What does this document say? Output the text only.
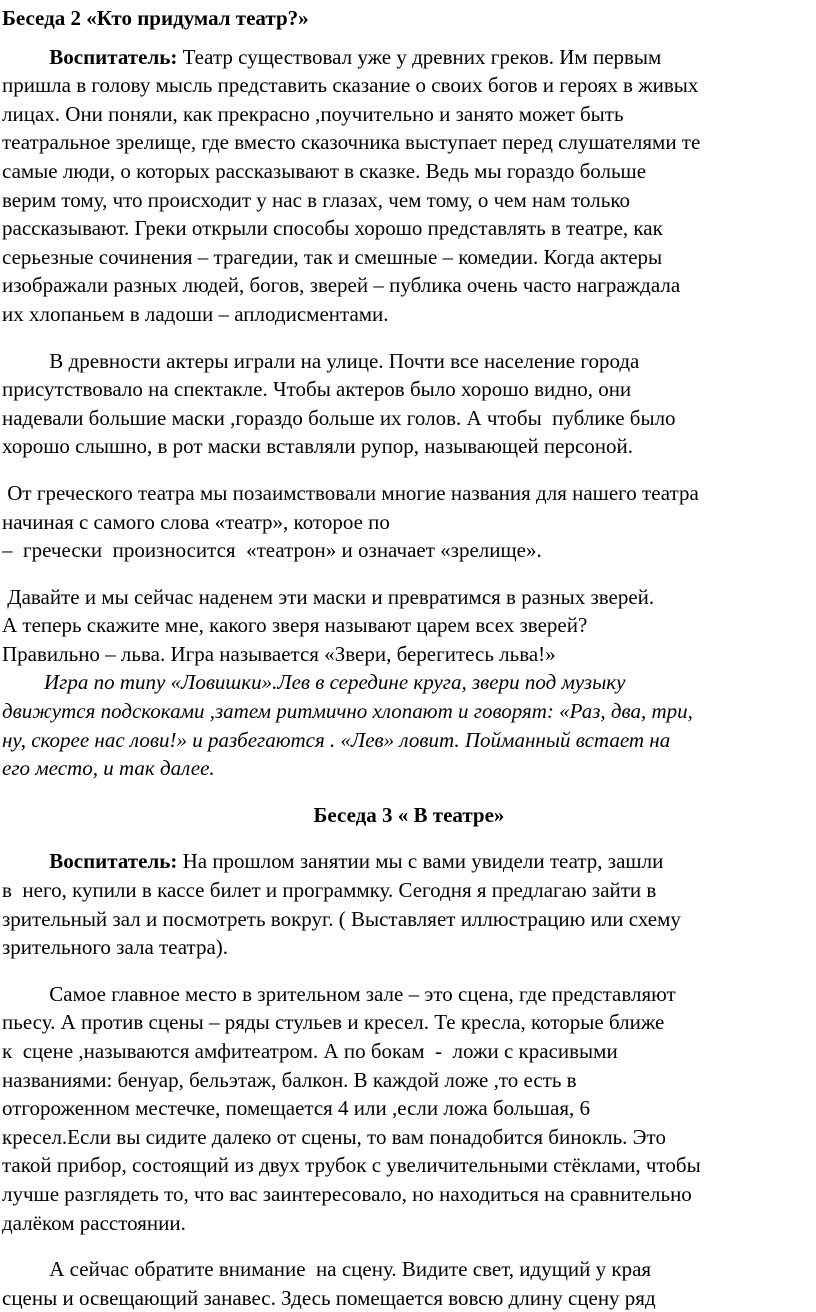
Беседа 2 «Кто придумал театр?»
Воспитатель: Театр существовал уже у древних греков. Им первым
пришла в голову мысль представить сказание о своих богов и героях в живых
лицах. Они поняли, как прекрасно ,поучительно и занято может быть
театральное зрелище, где вместо сказочника выступает перед слушателями те
самые люди, о которых рассказывают в сказке. Ведь мы гораздо больше
верим тому, что происходит у нас в глазах, чем тому, о чем нам только
рассказывают. Греки открыли способы хорошо представлять в театре, как
серьезные сочинения – трагедии, так и смешные – комедии. Когда актеры
изображали разных людей, богов, зверей – публика очень часто награждала
их хлопаньем в ладоши – аплодисментами.
В древности актеры играли на улице. Почти все население города
присутствовало на спектакле. Чтобы актеров было хорошо видно, они
надевали большие маски ,гораздо больше их голов. А чтобы  публике было
хорошо слышно, в рот маски вставляли рупор, называющей персоной.
От греческого театра мы позаимствовали многие названия для нашего театра
начиная с самого слова «театр», которое по
–  гречески  произносится  «театрон» и означает «зрелище».
Давайте и мы сейчас наденем эти маски и превратимся в разных зверей.
А теперь скажите мне, какого зверя называют царем всех зверей?
Правильно – льва. Игра называется «Звери, берегитесь льва!»
Игра по типу «Ловишки».Лев в середине круга, звери под музыку
движутся подскоками ,затем ритмично хлопают и говорят: «Раз, два, три,
ну, скорее нас лови!» и разбегаются . «Лев» ловит. Пойманный встает на
его место, и так далее.
Беседа 3 « В театре»
Воспитатель: На прошлом занятии мы с вами увидели театр, зашли
в  него, купили в кассе билет и программку. Сегодня я предлагаю зайти в
зрительный зал и посмотреть вокруг. ( Выставляет иллюстрацию или схему
зрительного зала театра).
Самое главное место в зрительном зале – это сцена, где представляют
пьесу. А против сцены – ряды стульев и кресел. Те кресла, которые ближе
к  сцене ,называются амфитеатром. А по бокам  -  ложи с красивыми
названиями: бенуар, бельэтаж, балкон. В каждой ложе ,то есть в
отгороженном местечке, помещается 4 или ,если ложа большая, 6
кресел.Если вы сидите далеко от сцены, то вам понадобится бинокль. Это
такой прибор, состоящий из двух трубок с увеличительными стёклами, чтобы
лучше разглядеть то, что вас заинтересовало, но находиться на сравнительно
далёком расстоянии.
А сейчас обратите внимание  на сцену. Видите свет, идущий у края
сцены и освещающий занавес. Здесь помещается вовсю длину сцену ряд
